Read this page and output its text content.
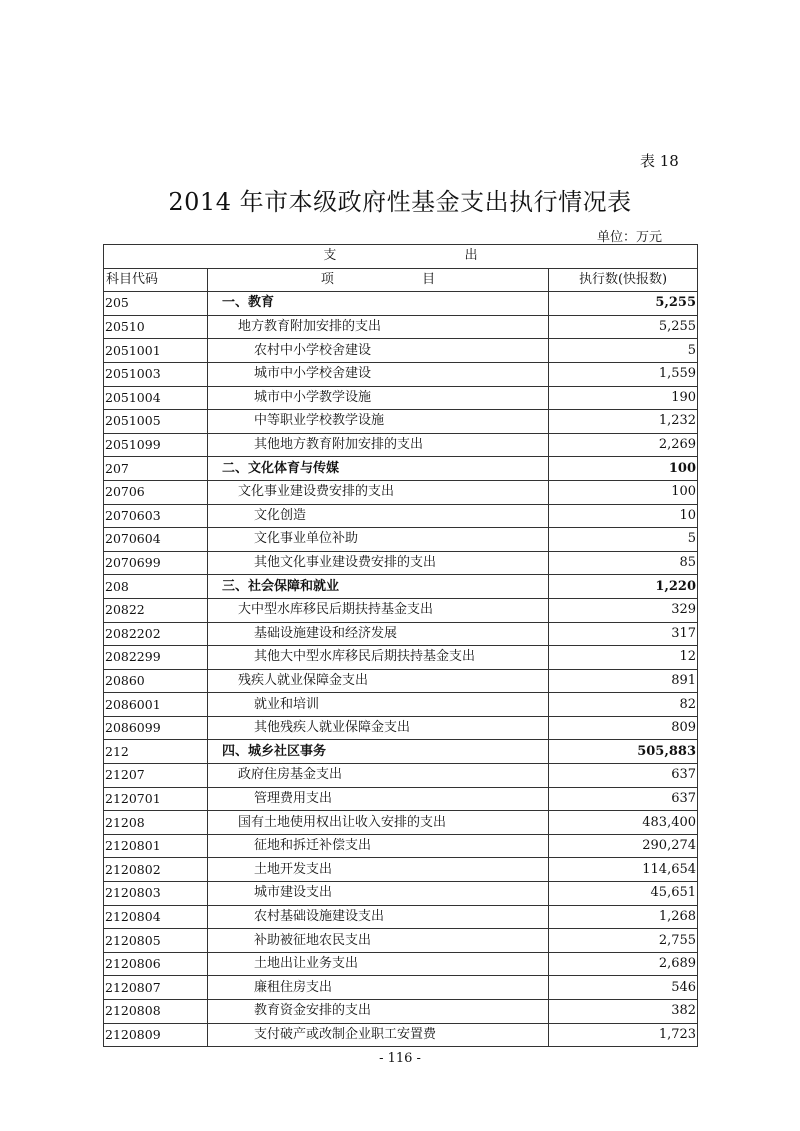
表 18
2014 年市本级政府性基金支出执行情况表
单位：万元
支 出		
科目代码	项 目	执行数(快报数)
205	一、教育	5,255
20510	地方教育附加安排的支出	5,255
2051001	农村中小学校舍建设	5
2051003	城市中小学校舍建设	1,559
2051004	城市中小学教学设施	190
2051005	中等职业学校教学设施	1,232
2051099	其他地方教育附加安排的支出	2,269
207	二、文化体育与传媒	100
20706	文化事业建设费安排的支出	100
2070603	文化创造	10
2070604	文化事业单位补助	5
2070699	其他文化事业建设费安排的支出	85
208	三、社会保障和就业	1,220
20822	大中型水库移民后期扶持基金支出	329
2082202	基础设施建设和经济发展	317
2082299	其他大中型水库移民后期扶持基金支出	12
20860	残疾人就业保障金支出	891
2086001	就业和培训	82
2086099	其他残疾人就业保障金支出	809
212	四、城乡社区事务	505,883
21207	政府住房基金支出	637
2120701	管理费用支出	637
21208	国有土地使用权出让收入安排的支出	483,400
2120801	征地和拆迁补偿支出	290,274
2120802	土地开发支出	114,654
2120803	城市建设支出	45,651
2120804	农村基础设施建设支出	1,268
2120805	补助被征地农民支出	2,755
2120806	土地出让业务支出	2,689
2120807	廉租住房支出	546
2120808	教育资金安排的支出	382
2120809	支付破产或改制企业职工安置费	1,723
- 116 -
